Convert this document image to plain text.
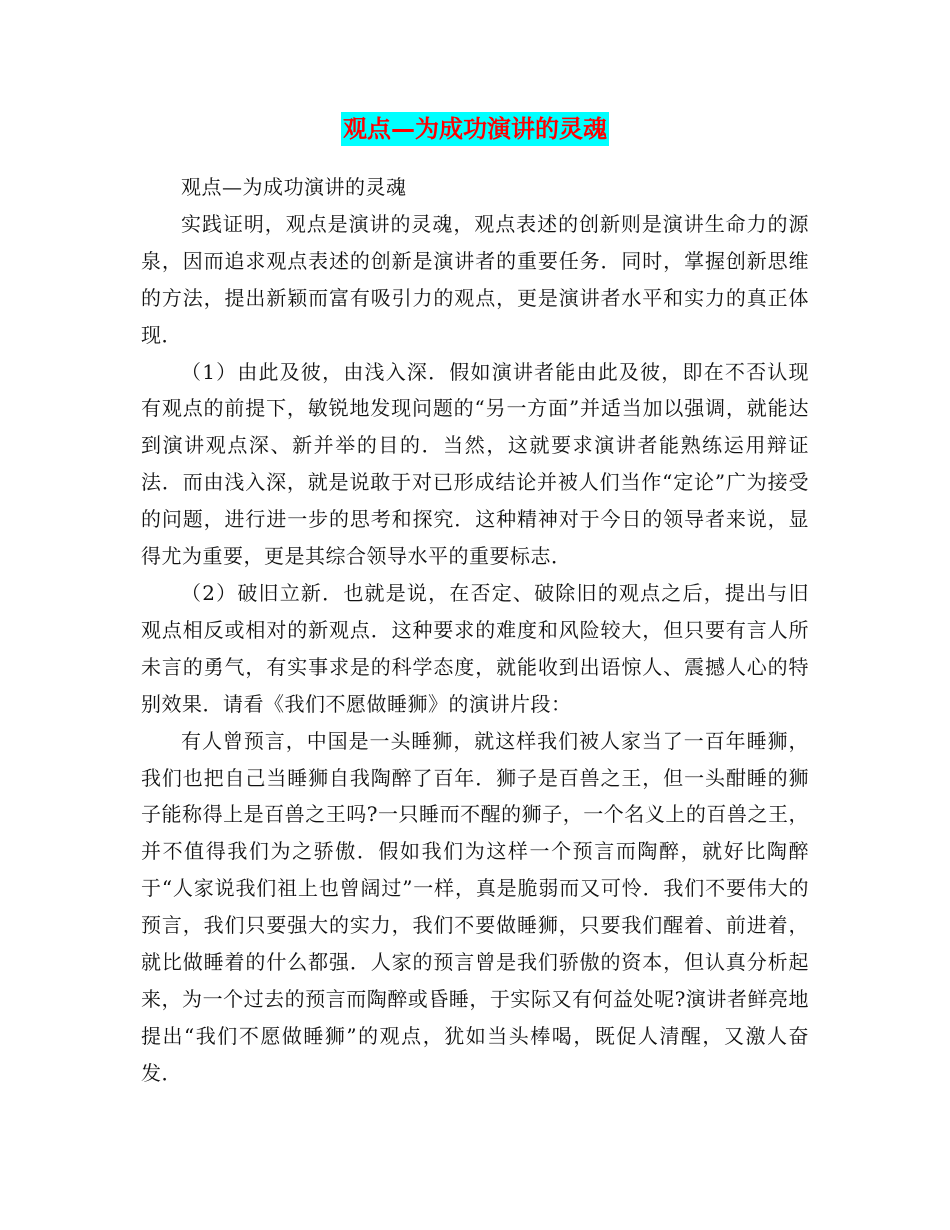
观点—为成功演讲的灵魂

观点—为成功演讲的灵魂

实践证明，观点是演讲的灵魂，观点表述的创新则是演讲生命力的源泉，因而追求观点表述的创新是演讲者的重要任务．同时，掌握创新思维的方法，提出新颖而富有吸引力的观点，更是演讲者水平和实力的真正体现．

（1）由此及彼，由浅入深．假如演讲者能由此及彼，即在不否认现有观点的前提下，敏锐地发现问题的“另一方面”并适当加以强调，就能达到演讲观点深、新并举的目的．当然，这就要求演讲者能熟练运用辩证法．而由浅入深，就是说敢于对已形成结论并被人们当作“定论”广为接受的问题，进行进一步的思考和探究．这种精神对于今日的领导者来说，显得尤为重要，更是其综合领导水平的重要标志．

（2）破旧立新．也就是说，在否定、破除旧的观点之后，提出与旧观点相反或相对的新观点．这种要求的难度和风险较大，但只要有言人所未言的勇气，有实事求是的科学态度，就能收到出语惊人、震撼人心的特别效果．请看《我们不愿做睡狮》的演讲片段：

有人曾预言，中国是一头睡狮，就这样我们被人家当了一百年睡狮，我们也把自己当睡狮自我陶醉了百年．狮子是百兽之王，但一头酣睡的狮子能称得上是百兽之王吗?一只睡而不醒的狮子，一个名义上的百兽之王，并不值得我们为之骄傲．假如我们为这样一个预言而陶醉，就好比陶醉于“人家说我们祖上也曾阔过”一样，真是脆弱而又可怜．我们不要伟大的预言，我们只要强大的实力，我们不要做睡狮，只要我们醒着、前进着，就比做睡着的什么都强．人家的预言曾是我们骄傲的资本，但认真分析起来，为一个过去的预言而陶醉或昏睡，于实际又有何益处呢?演讲者鲜亮地提出“我们不愿做睡狮”的观点，犹如当头棒喝，既促人清醒，又激人奋发．
